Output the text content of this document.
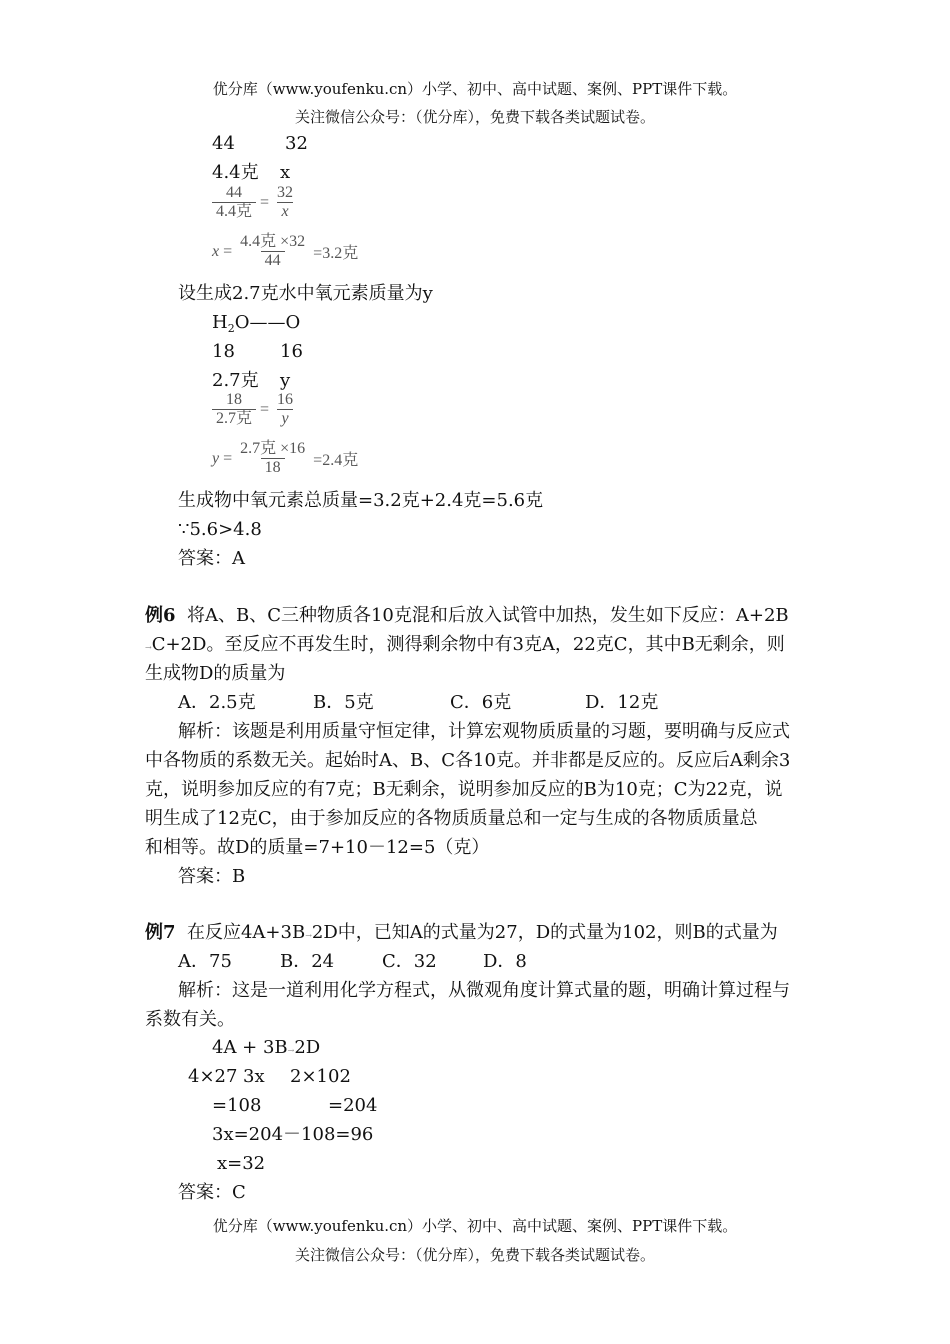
优分库（www.youfenku.cn）小学、初中、高中试题、案例、PPT课件下载。
关注微信公众号：（优分库），免费下载各类试题试卷。
44	32
4.4克 x
44
4.4克
= $\frac{32}{x}$
x =
4.4克 ×32
44 =3.2克
设生成2.7克水中氧元素质量为y
$H_2O——O$
18	16
2.7克 y
18
2.7克
= $\frac{16}{y}$
y =
2.7克 ×16
18 =2.4克
生成物中氧元素总质量=3.2克+2.4克=5.6克
∵5.6>4.8
答案：A
例6 将A、B、C三种物质各10克混和后放入试管中加热，发生如下反应：A+2B
→C+2D。至反应不再发生时，测得剩余物中有3克A，22克C，其中B无剩余，则
生成物D的质量为
A．2.5克	B．5克	C．6克	D．12克
解析：该题是利用质量守恒定律，计算宏观物质质量的习题，要明确与反应式
中各物质的系数无关。起始时A、B、C各10克。并非都是反应的。反应后A剩余3
克，说明参加反应的有7克；B无剩余，说明参加反应的B为10克；C为22克，说
明生成了12克C，由于参加反应的各物质质量总和一定与生成的各物质质量总
和相等。故D的质量=7+10－12=5（克）
答案：B
例7 在反应4A+3B→2D中，已知A的式量为27，D的式量为102，则B的式量为
A．75	B．24	C．32	D．8
解析：这是一道利用化学方程式，从微观角度计算式量的题，明确计算过程与
系数有关。
4A + 3B→2D
4×27 3x 2×102
=108	=204
3x=204－108=96
x=32
答案：C
优分库（www.youfenku.cn）小学、初中、高中试题、案例、PPT课件下载。
关注微信公众号：（优分库），免费下载各类试题试卷。
